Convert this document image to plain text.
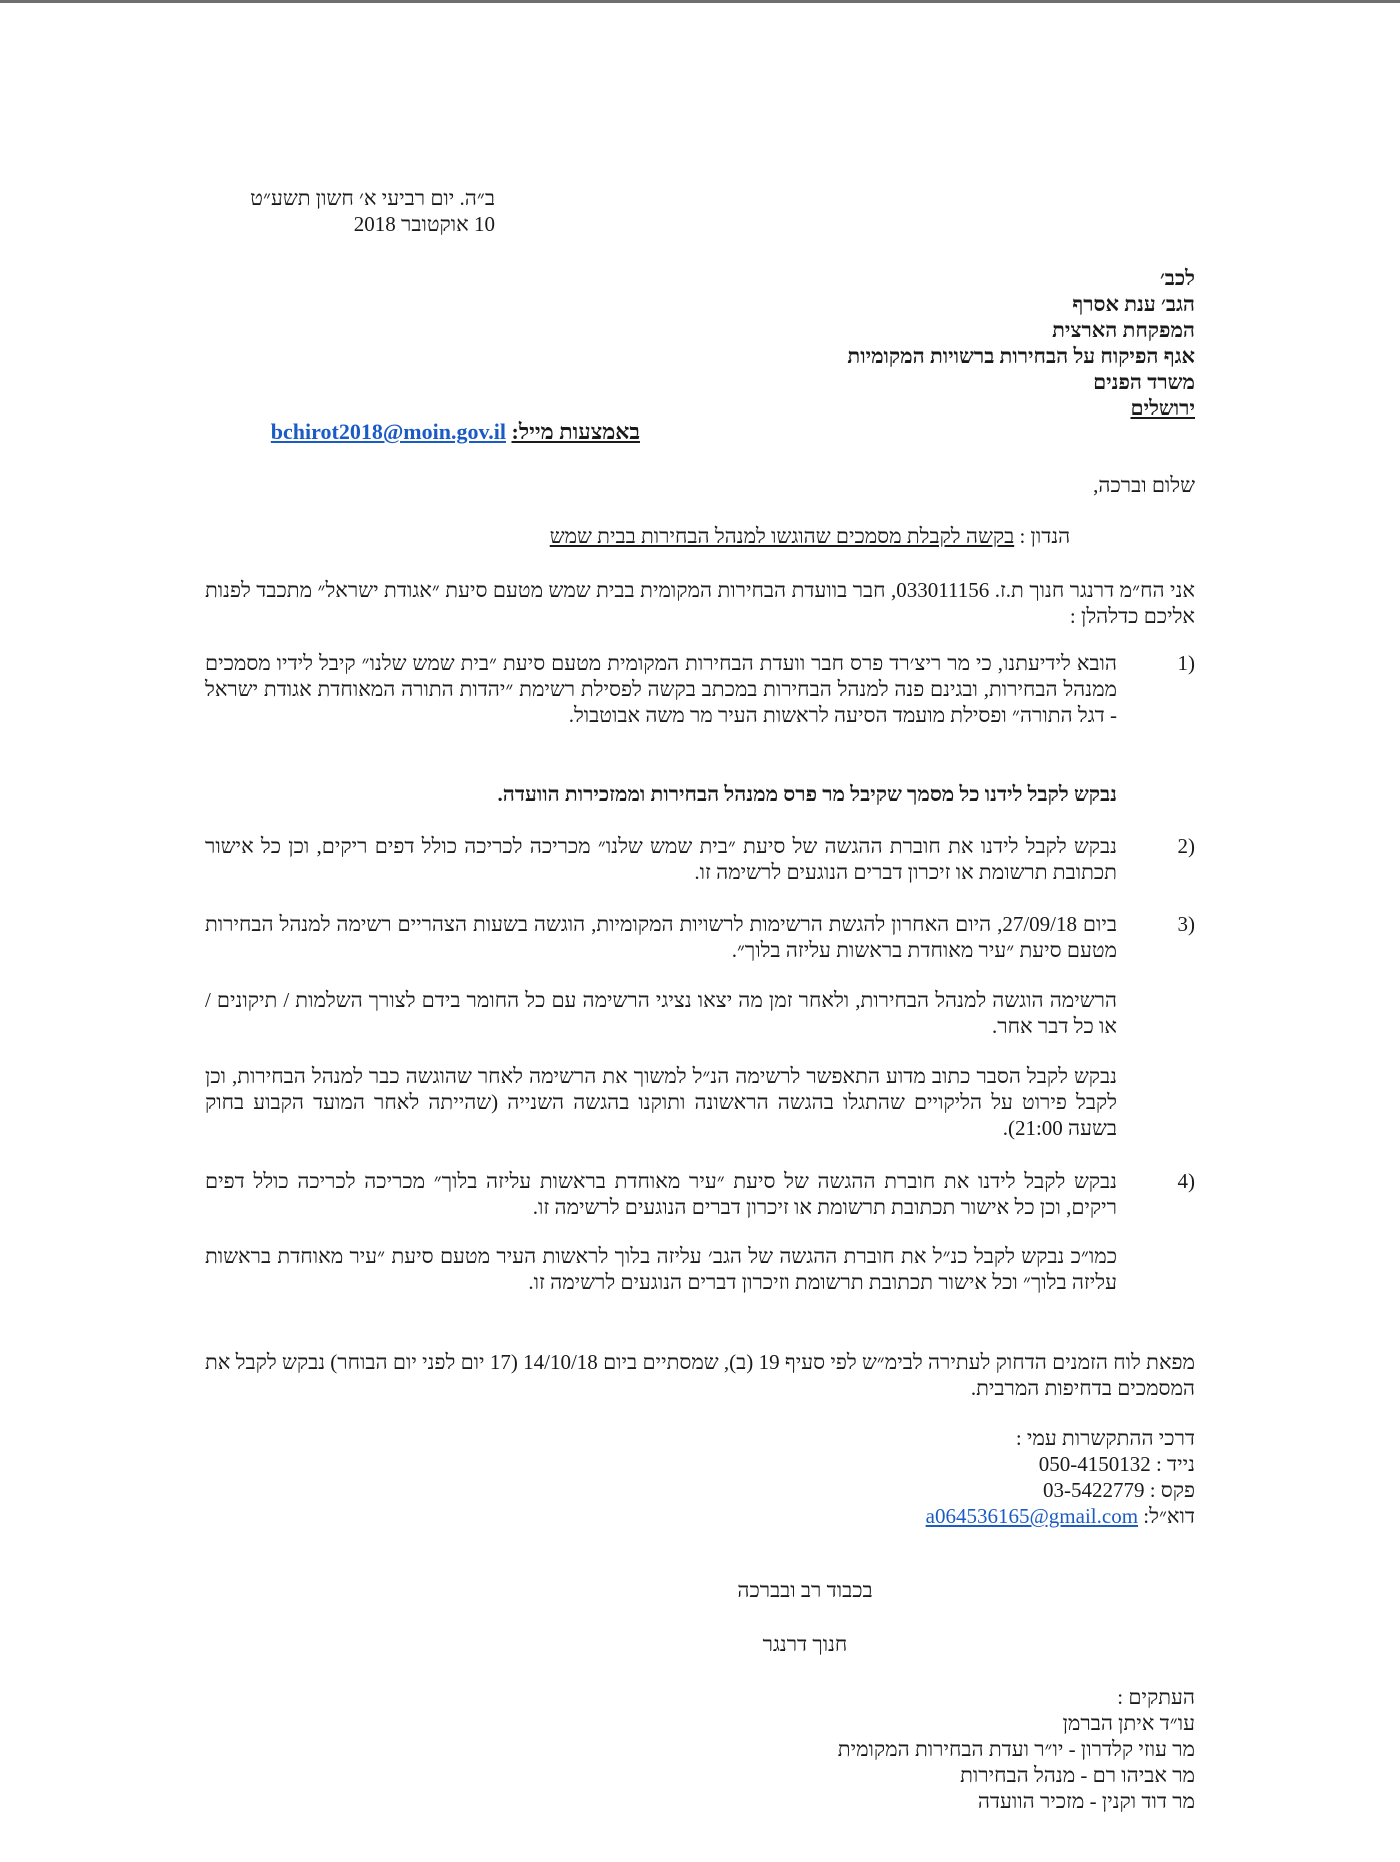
ב״ה. יום רביעי א׳ חשון תשע״ט
10 אוקטובר 2018
לכב׳
הגב׳ ענת אסרף
המפקחת הארצית
אגף הפיקוח על הבחירות ברשויות המקומיות
משרד הפנים
ירושלים
באמצעות מייל: bchirot2018@moin.gov.il
שלום וברכה,
הנדון : בקשה לקבלת מסמכים שהוגשו למנהל הבחירות בבית שמש
אני הח״מ דרנגר חנוך ת.ז. 033011156, חבר בוועדת הבחירות המקומית בבית שמש מטעם סיעת ״אגודת ישראל״ מתכבד לפנות אליכם כדלהלן :
1)
הובא לידיעתנו, כי מר ריצ׳רד פרס חבר וועדת הבחירות המקומית מטעם סיעת ״בית שמש שלנו״ קיבל לידיו מסמכים ממנהל הבחירות, ובגינם פנה למנהל הבחירות במכתב בקשה לפסילת רשימת ״יהדות התורה המאוחדת אגודת ישראל - דגל התורה״ ופסילת מועמד הסיעה לראשות העיר מר משה אבוטבול.
נבקש לקבל לידנו כל מסמך שקיבל מר פרס ממנהל הבחירות וממזכירות הוועדה.
2)
נבקש לקבל לידנו את חוברת ההגשה של סיעת ״בית שמש שלנו״ מכריכה לכריכה כולל דפים ריקים, וכן כל אישור תכתובת תרשומת או זיכרון דברים הנוגעים לרשימה זו.
3)
ביום 27/09/18, היום האחרון להגשת הרשימות לרשויות המקומיות, הוגשה בשעות הצהריים רשימה למנהל הבחירות מטעם סיעת ״עיר מאוחדת בראשות עליזה בלוך״.
הרשימה הוגשה למנהל הבחירות, ולאחר זמן מה יצאו נציגי הרשימה עם כל החומר בידם לצורך השלמות / תיקונים / או כל דבר אחר.
נבקש לקבל הסבר כתוב מדוע התאפשר לרשימה הנ״ל למשוך את הרשימה לאחר שהוגשה כבר למנהל הבחירות, וכן לקבל פירוט על הליקויים שהתגלו בהגשה הראשונה ותוקנו בהגשה השנייה (שהייתה לאחר המועד הקבוע בחוק בשעה 21:00).
4)
נבקש לקבל לידנו את חוברת ההגשה של סיעת ״עיר מאוחדת בראשות עליזה בלוך״ מכריכה לכריכה כולל דפים ריקים, וכן כל אישור תכתובת תרשומת או זיכרון דברים הנוגעים לרשימה זו.
כמו״כ נבקש לקבל כנ״ל את חוברת ההגשה של הגב׳ עליזה בלוך לראשות העיר מטעם סיעת ״עיר מאוחדת בראשות עליזה בלוך״ וכל אישור תכתובת תרשומת וזיכרון דברים הנוגעים לרשימה זו.
מפאת לוח הזמנים הדחוק לעתירה לבימ״ש לפי סעיף 19 (ב), שמסתיים ביום 14/10/18 (17 יום לפני יום הבוחר) נבקש לקבל את המסמכים בדחיפות המרבית.
דרכי ההתקשרות עמי :
נייד : 050-4150132
פקס : 03-5422779
דוא״ל: a064536165@gmail.com
בכבוד רב ובברכה
חנוך דרנגר
העתקים :
עו״ד איתן הברמן
מר עוזי קלדרון - יו״ר ועדת הבחירות המקומית
מר אביהו רם - מנהל הבחירות
מר דוד וקנין - מזכיר הוועדה
